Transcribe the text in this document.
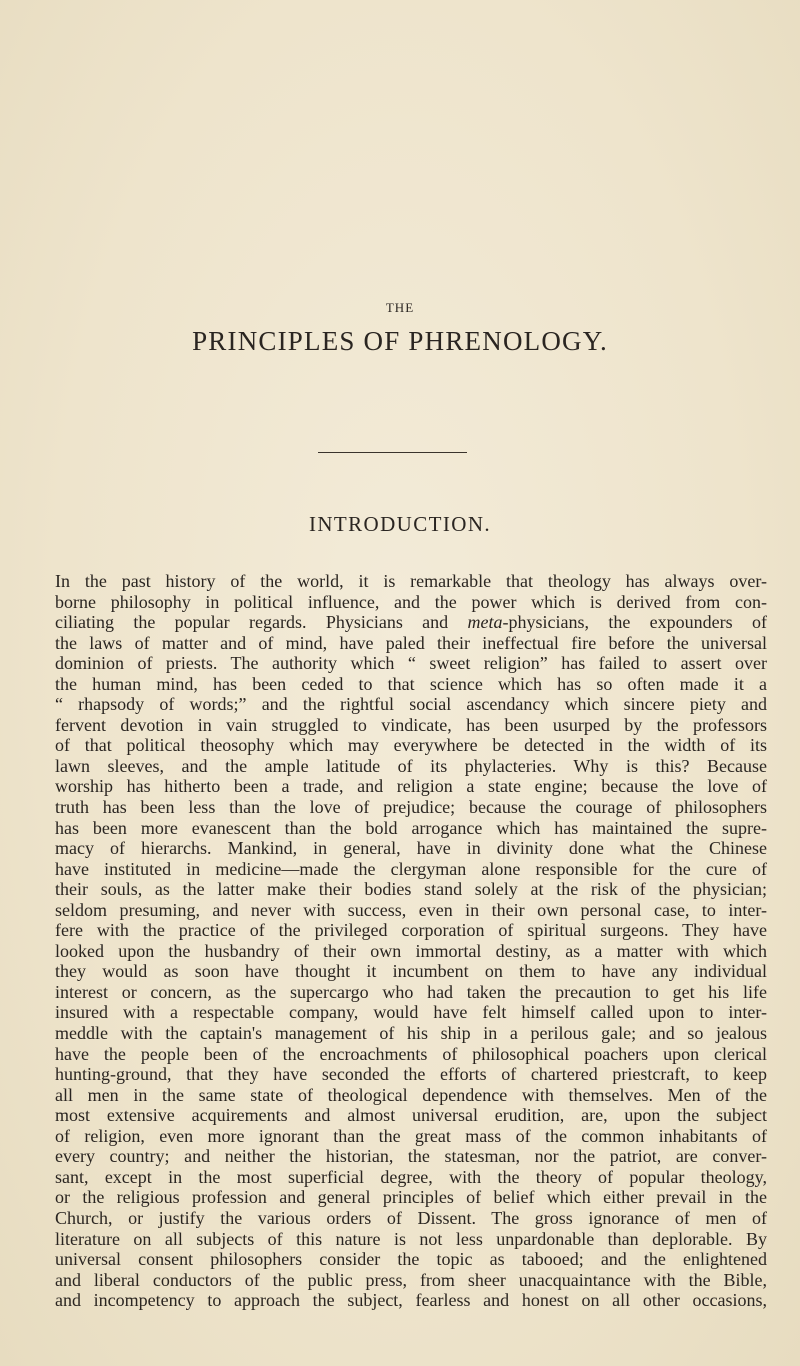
THE
PRINCIPLES OF PHRENOLOGY.
INTRODUCTION.
In the past history of the world, it is remarkable that theology has always over-
borne philosophy in political influence, and the power which is derived from con-
ciliating the popular regards. Physicians and meta-physicians, the expounders of
the laws of matter and of mind, have paled their ineffectual fire before the universal
dominion of priests. The authority which “ sweet religion” has failed to assert over
the human mind, has been ceded to that science which has so often made it a
“ rhapsody of words;” and the rightful social ascendancy which sincere piety and
fervent devotion in vain struggled to vindicate, has been usurped by the professors
of that political theosophy which may everywhere be detected in the width of its
lawn sleeves, and the ample latitude of its phylacteries. Why is this? Because
worship has hitherto been a trade, and religion a state engine; because the love of
truth has been less than the love of prejudice; because the courage of philosophers
has been more evanescent than the bold arrogance which has maintained the supre-
macy of hierarchs. Mankind, in general, have in divinity done what the Chinese
have instituted in medicine—made the clergyman alone responsible for the cure of
their souls, as the latter make their bodies stand solely at the risk of the physician;
seldom presuming, and never with success, even in their own personal case, to inter-
fere with the practice of the privileged corporation of spiritual surgeons. They have
looked upon the husbandry of their own immortal destiny, as a matter with which
they would as soon have thought it incumbent on them to have any individual
interest or concern, as the supercargo who had taken the precaution to get his life
insured with a respectable company, would have felt himself called upon to inter-
meddle with the captain's management of his ship in a perilous gale; and so jealous
have the people been of the encroachments of philosophical poachers upon clerical
hunting-ground, that they have seconded the efforts of chartered priestcraft, to keep
all men in the same state of theological dependence with themselves. Men of the
most extensive acquirements and almost universal erudition, are, upon the subject
of religion, even more ignorant than the great mass of the common inhabitants of
every country; and neither the historian, the statesman, nor the patriot, are conver-
sant, except in the most superficial degree, with the theory of popular theology,
or the religious profession and general principles of belief which either prevail in the
Church, or justify the various orders of Dissent. The gross ignorance of men of
literature on all subjects of this nature is not less unpardonable than deplorable. By
universal consent philosophers consider the topic as tabooed; and the enlightened
and liberal conductors of the public press, from sheer unacquaintance with the Bible,
and incompetency to approach the subject, fearless and honest on all other occasions,
